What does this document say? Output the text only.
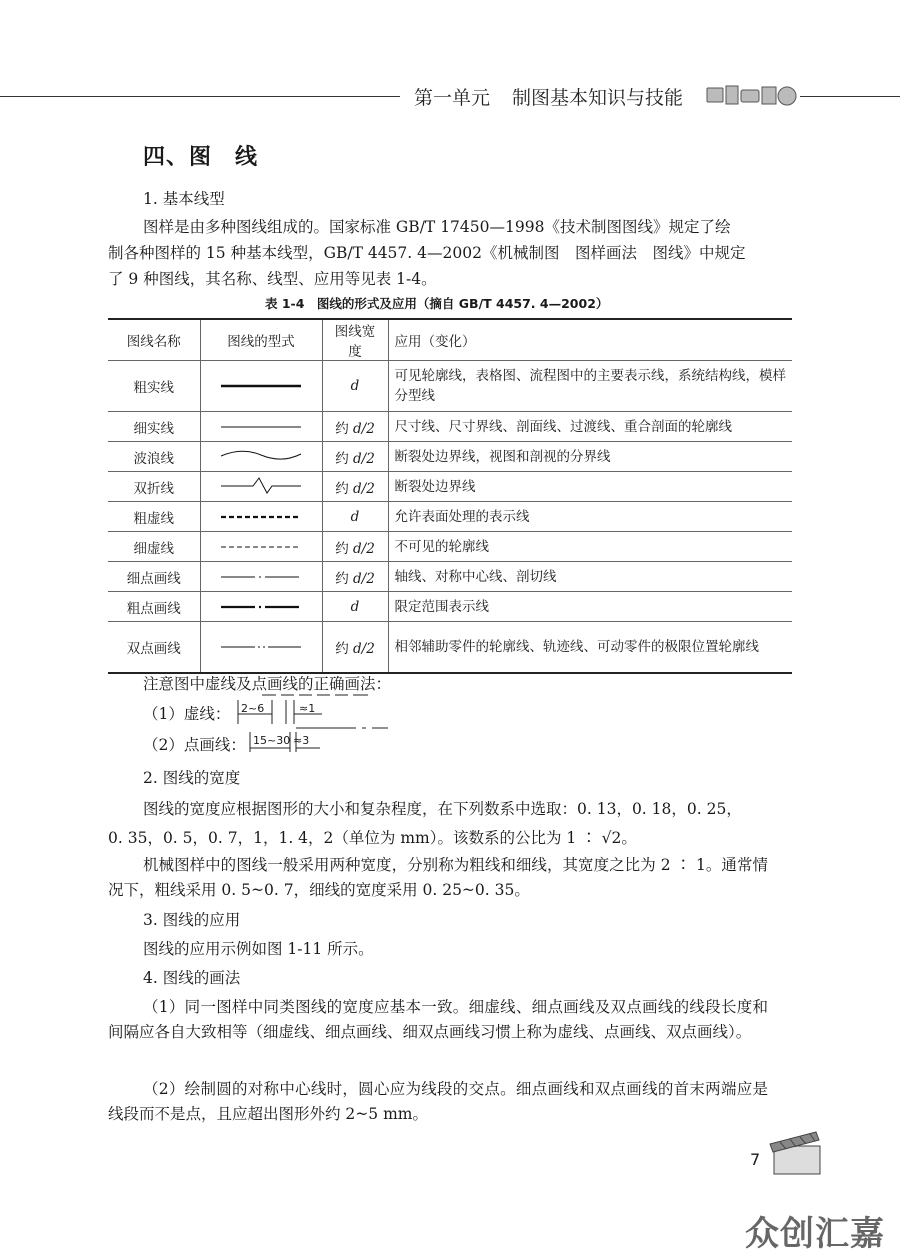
第一单元 制图基本知识与技能
四、图　线
1. 基本线型
图样是由多种图线组成的。国家标准 GB/T 17450—1998《技术制图图线》规定了绘
制各种图样的 15 种基本线型，GB/T 4457. 4—2002《机械制图　图样画法　图线》中规定
了 9 种图线，其名称、线型、应用等见表 1-4。
表 1-4　图线的形式及应用（摘自 GB/T 4457. 4—2002）
图线名称	图线的型式	图线宽度	应用（变化）
粗实线		d	可见轮廓线，表格图、流程图中的主要表示线，系统结构线，模样分型线
细实线		约 d/2	尺寸线、尺寸界线、剖面线、过渡线、重合剖面的轮廓线
波浪线		约 d/2	断裂处边界线，视图和剖视的分界线
双折线		约 d/2	断裂处边界线
粗虚线		d	允许表面处理的表示线
细虚线		约 d/2	不可见的轮廓线
细点画线		约 d/2	轴线、对称中心线、剖切线
粗点画线		d	限定范围表示线
双点画线		约 d/2	相邻辅助零件的轮廓线、轨迹线、可动零件的极限位置轮廓线
注意图中虚线及点画线的正确画法：
（1）虚线： 2~6	≈1
（2）点画线： 15~30 ≈3
2. 图线的宽度
图线的宽度应根据图形的大小和复杂程度，在下列数系中选取：0. 13，0. 18，0. 25，
0. 35，0. 5，0. 7，1，1. 4，2（单位为 mm）。该数系的公比为 1 ∶ √2。
机械图样中的图线一般采用两种宽度，分别称为粗线和细线，其宽度之比为 2 ∶ 1。通常情况下，粗线采用 0. 5~0. 7，细线的宽度采用 0. 25~0. 35。
3. 图线的应用
图线的应用示例如图 1-11 所示。
4. 图线的画法
（1）同一图样中同类图线的宽度应基本一致。细虚线、细点画线及双点画线的线段长度和间隔应各自大致相等（细虚线、细点画线、细双点画线习惯上称为虚线、点画线、双点画线）。
（2）绘制圆的对称中心线时，圆心应为线段的交点。细点画线和双点画线的首末两端应是线段而不是点，且应超出图形外约 2~5 mm。
7
众创汇嘉
